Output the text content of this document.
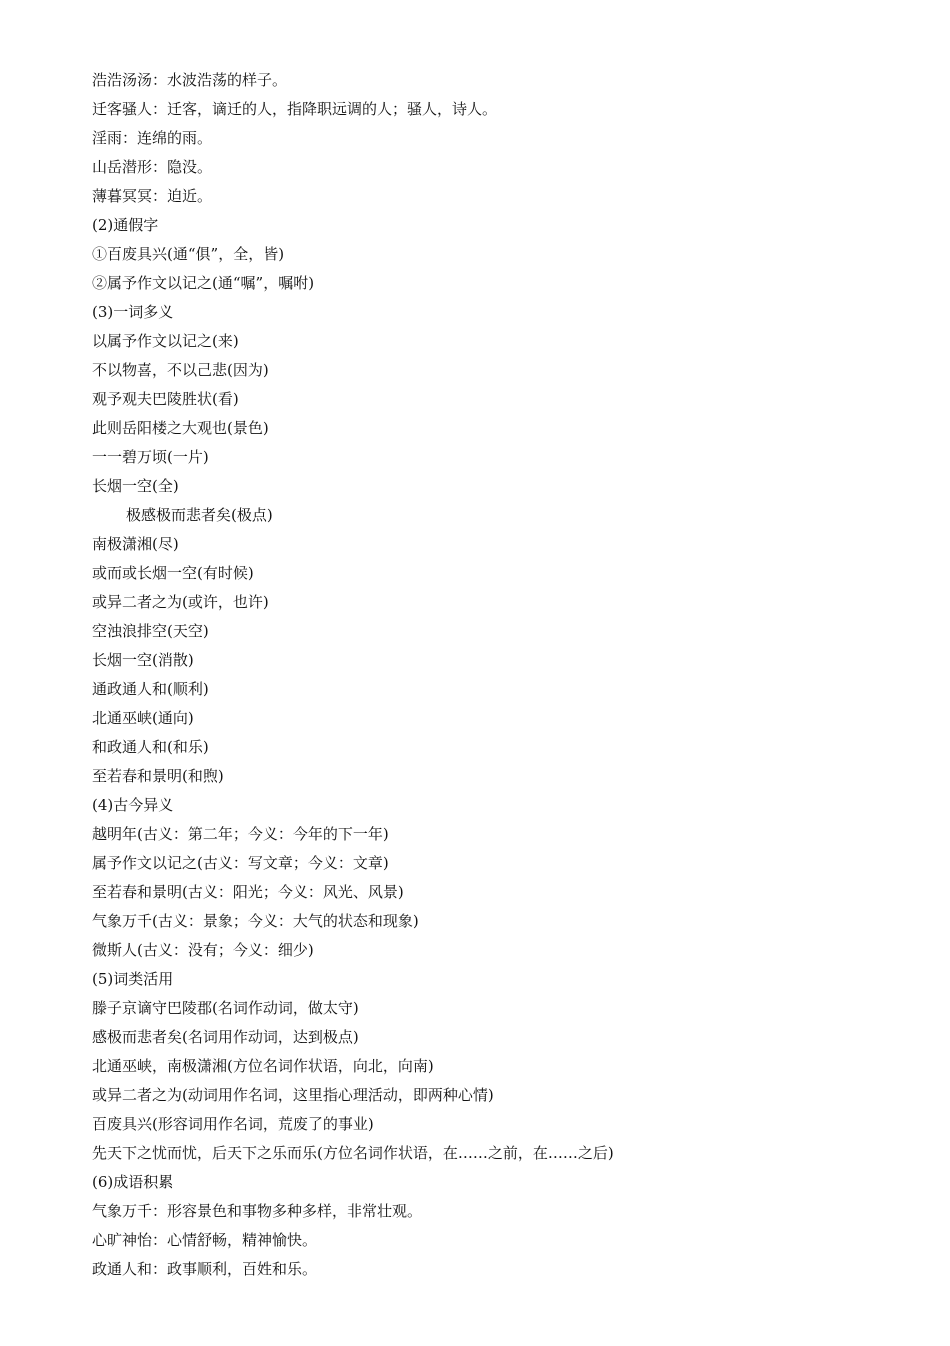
浩浩汤汤：水波浩荡的样子。
迁客骚人：迁客，谪迁的人，指降职远调的人；骚人，诗人。
淫雨：连绵的雨。
山岳潜形：隐没。
薄暮冥冥：迫近。
(2)通假字
①百废具兴(通“俱”，全，皆)
②属予作文以记之(通“嘱”，嘱咐)
(3)一词多义
以属予作文以记之(来)
不以物喜，不以己悲(因为)
观予观夫巴陵胜状(看)
此则岳阳楼之大观也(景色)
一一碧万顷(一片)
长烟一空(全)
极感极而悲者矣(极点)
南极潇湘(尽)
或而或长烟一空(有时候)
或异二者之为(或许，也许)
空浊浪排空(天空)
长烟一空(消散)
通政通人和(顺利)
北通巫峡(通向)
和政通人和(和乐)
至若春和景明(和煦)
(4)古今异义
越明年(古义：第二年；今义：今年的下一年)
属予作文以记之(古义：写文章；今义：文章)
至若春和景明(古义：阳光；今义：风光、风景)
气象万千(古义：景象；今义：大气的状态和现象)
微斯人(古义：没有；今义：细少)
(5)词类活用
滕子京谪守巴陵郡(名词作动词，做太守)
感极而悲者矣(名词用作动词，达到极点)
北通巫峡，南极潇湘(方位名词作状语，向北，向南)
或异二者之为(动词用作名词，这里指心理活动，即两种心情)
百废具兴(形容词用作名词，荒废了的事业)
先天下之忧而忧，后天下之乐而乐(方位名词作状语，在……之前，在……之后)
(6)成语积累
气象万千：形容景色和事物多种多样，非常壮观。
心旷神怡：心情舒畅，精神愉快。
政通人和：政事顺利，百姓和乐。
